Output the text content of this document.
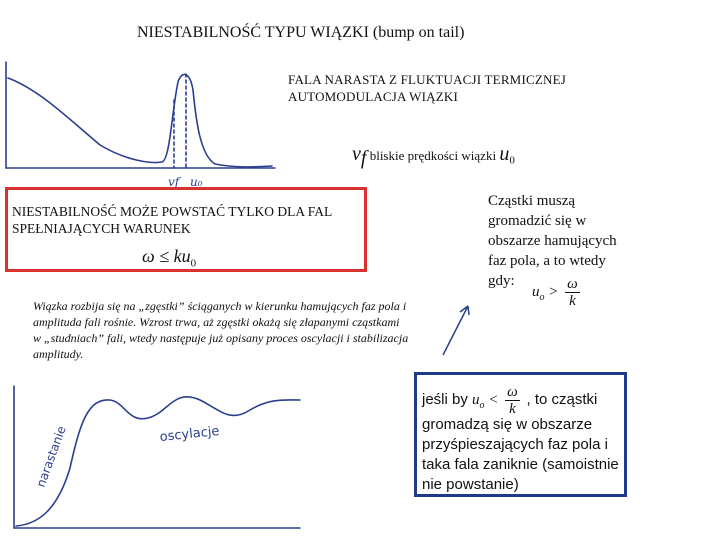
NIESTABILNOŚĆ TYPU WIĄZKI (bump on tail)
FALA NARASTA Z FLUKTUACJI TERMICZNEJ
AUTOMODULACJA WIĄZKI
vf u₀
$v_f$ bliskie prędkości wiązki $u_0$
NIESTABILNOŚĆ MOŻE POWSTAĆ TYLKO DLA FAL SPEŁNIAJĄCYCH WARUNEK
$\omega \le ku_0$
Cząstki muszą
gromadzić się w
obszarze hamujących
faz pola, a to wtedy
gdy:
$u_o > \frac{\omega}{k}$
Wiązka rozbija się na „zgęstki” ściąganych w kierunku hamujących faz pola i amplituda fali rośnie. Wzrost trwa, aż zgęstki okażą się złapanymi cząstkami w „studniach” fali, wtedy następuje już opisany proces oscylacji i stabilizacja amplitudy.
narastanie	oscylacje
jeśli by $u_o < \frac{\omega}{k}$ , to cząstki
gromadzą się w obszarze przyśpieszających faz pola i taka fala zaniknie (samoistnie nie powstanie)
